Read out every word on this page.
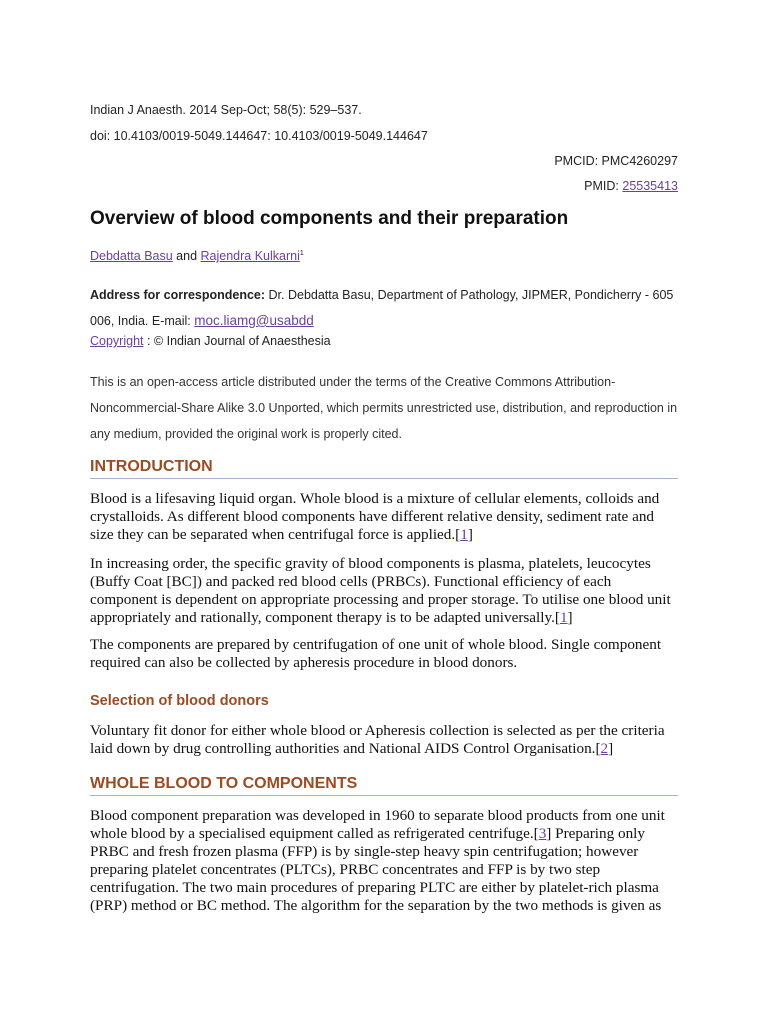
Indian J Anaesth. 2014 Sep-Oct; 58(5): 529–537.
doi: 10.4103/0019-5049.144647: 10.4103/0019-5049.144647
PMCID: PMC4260297
PMID: 25535413
Overview of blood components and their preparation
Debdatta Basu and Rajendra Kulkarni$^1$
Address for correspondence: Dr. Debdatta Basu, Department of Pathology, JIPMER, Pondicherry - 605 006, India. E-mail: moc.liamg@usabdd
Copyright : © Indian Journal of Anaesthesia
This is an open-access article distributed under the terms of the Creative Commons Attribution-Noncommercial-Share Alike 3.0 Unported, which permits unrestricted use, distribution, and reproduction in any medium, provided the original work is properly cited.
INTRODUCTION

Blood is a lifesaving liquid organ. Whole blood is a mixture of cellular elements, colloids and crystalloids. As different blood components have different relative density, sediment rate and size they can be separated when centrifugal force is applied.[1]

In increasing order, the specific gravity of blood components is plasma, platelets, leucocytes (Buffy Coat [BC]) and packed red blood cells (PRBCs). Functional efficiency of each component is dependent on appropriate processing and proper storage. To utilise one blood unit appropriately and rationally, component therapy is to be adapted universally.[1]

The components are prepared by centrifugation of one unit of whole blood. Single component required can also be collected by apheresis procedure in blood donors.

Selection of blood donors

Voluntary fit donor for either whole blood or Apheresis collection is selected as per the criteria laid down by drug controlling authorities and National AIDS Control Organisation.[2]

WHOLE BLOOD TO COMPONENTS

Blood component preparation was developed in 1960 to separate blood products from one unit whole blood by a specialised equipment called as refrigerated centrifuge.[3] Preparing only PRBC and fresh frozen plasma (FFP) is by single-step heavy spin centrifugation; however preparing platelet concentrates (PLTCs), PRBC concentrates and FFP is by two step centrifugation. The two main procedures of preparing PLTC are either by platelet-rich plasma (PRP) method or BC method. The algorithm for the separation by the two methods is given as
